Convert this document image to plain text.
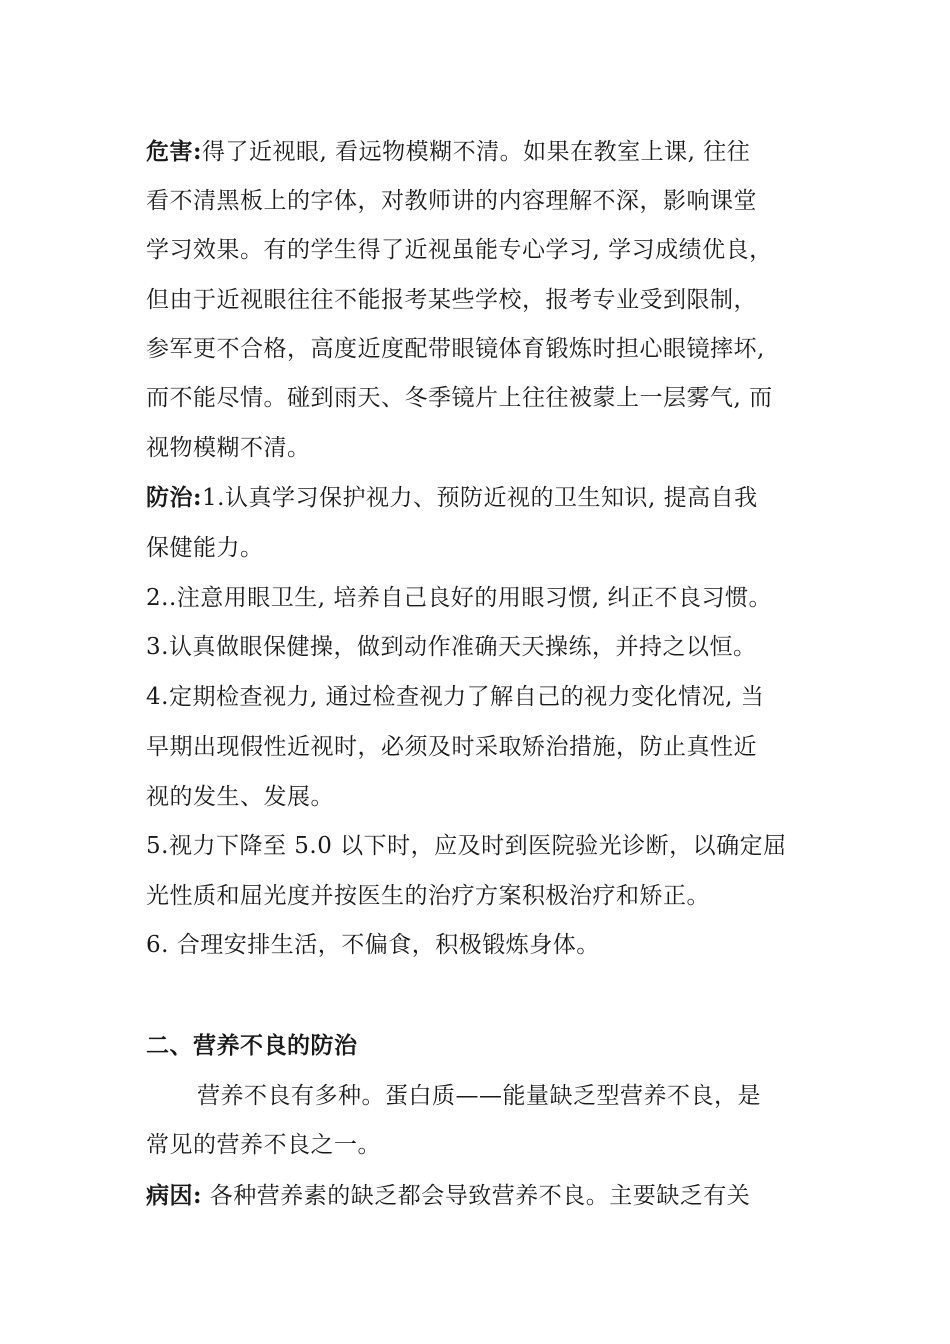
危害:得了近视眼, 看远物模糊不清。如果在教室上课, 往往
看不清黑板上的字体，对教师讲的内容理解不深，影响课堂
学习效果。有的学生得了近视虽能专心学习, 学习成绩优良，
但由于近视眼往往不能报考某些学校，报考专业受到限制，
参军更不合格，高度近度配带眼镜体育锻炼时担心眼镜摔坏,
而不能尽情。碰到雨天、冬季镜片上往往被蒙上一层雾气, 而
视物模糊不清。
防治:1.认真学习保护视力、预防近视的卫生知识, 提高自我
保健能力。
2..注意用眼卫生, 培养自己良好的用眼习惯, 纠正不良习惯。
3.认真做眼保健操，做到动作准确天天操练，并持之以恒。
4.定期检查视力, 通过检查视力了解自己的视力变化情况, 当
早期出现假性近视时，必须及时采取矫治措施，防止真性近
视的发生、发展。
5.视力下降至 5.0 以下时，应及时到医院验光诊断，以确定屈
光性质和屈光度并按医生的治疗方案积极治疗和矫正。
6. 合理安排生活，不偏食，积极锻炼身体。
二、营养不良的防治
营养不良有多种。蛋白质——能量缺乏型营养不良，是
常见的营养不良之一。
病因: 各种营养素的缺乏都会导致营养不良。主要缺乏有关
